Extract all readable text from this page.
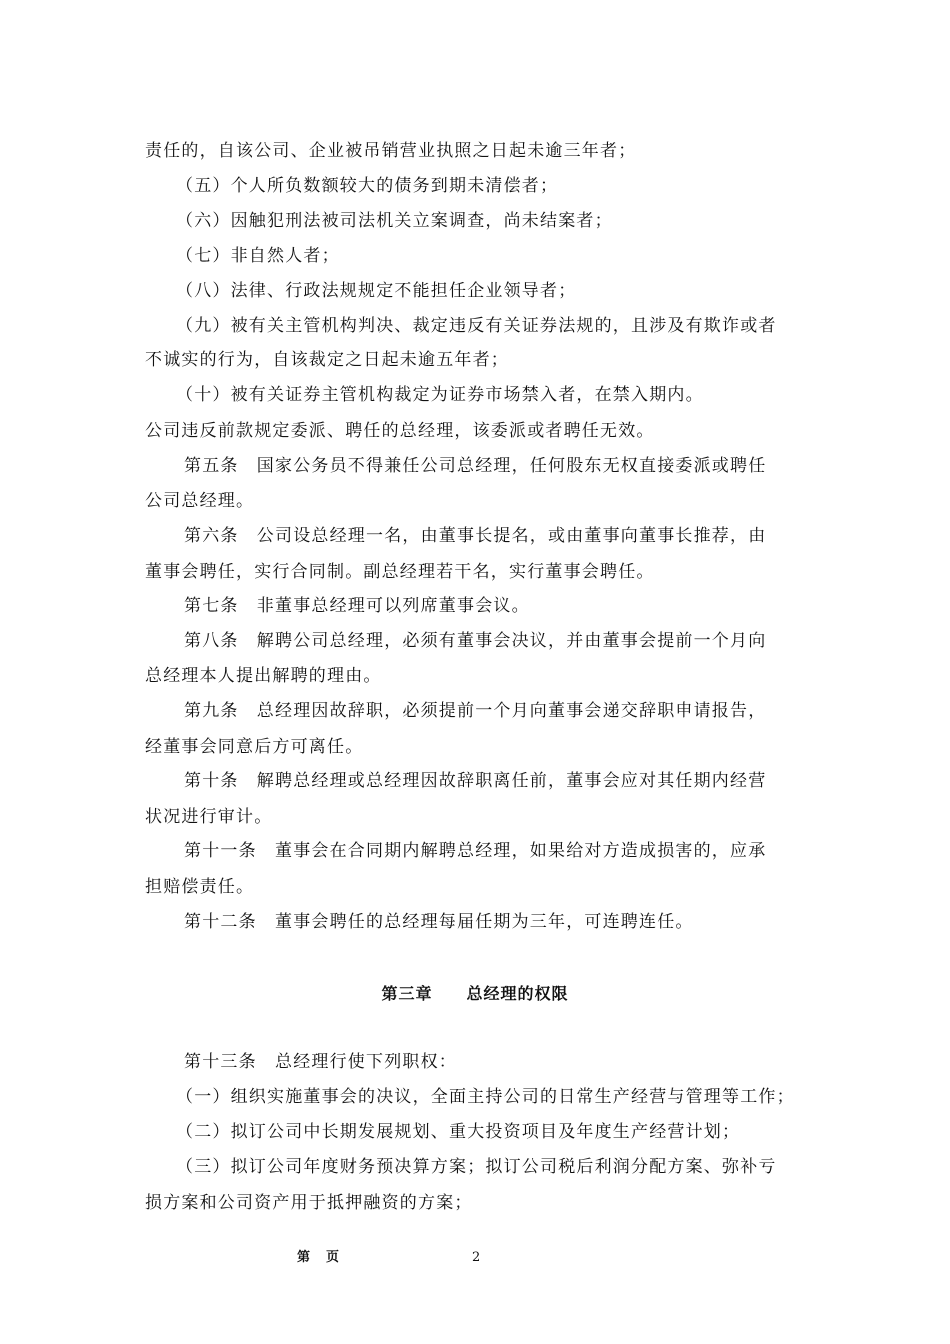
责任的，自该公司、企业被吊销营业执照之日起未逾三年者；
（五）个人所负数额较大的债务到期未清偿者；
（六）因触犯刑法被司法机关立案调查，尚未结案者；
（七）非自然人者；
（八）法律、行政法规规定不能担任企业领导者；
（九）被有关主管机构判决、裁定违反有关证券法规的，且涉及有欺诈或者
不诚实的行为，自该裁定之日起未逾五年者；
（十）被有关证券主管机构裁定为证券市场禁入者，在禁入期内。
公司违反前款规定委派、聘任的总经理，该委派或者聘任无效。
第五条　国家公务员不得兼任公司总经理，任何股东无权直接委派或聘任
公司总经理。
第六条　公司设总经理一名，由董事长提名，或由董事向董事长推荐，由
董事会聘任，实行合同制。副总经理若干名，实行董事会聘任。
第七条　非董事总经理可以列席董事会议。
第八条　解聘公司总经理，必须有董事会决议，并由董事会提前一个月向
总经理本人提出解聘的理由。
第九条　总经理因故辞职，必须提前一个月向董事会递交辞职申请报告，
经董事会同意后方可离任。
第十条　解聘总经理或总经理因故辞职离任前，董事会应对其任期内经营
状况进行审计。
第十一条　董事会在合同期内解聘总经理，如果给对方造成损害的，应承
担赔偿责任。
第十二条　董事会聘任的总经理每届任期为三年，可连聘连任。
第三章　　总经理的权限
第十三条　总经理行使下列职权：
（一）组织实施董事会的决议，全面主持公司的日常生产经营与管理等工作；
（二）拟订公司中长期发展规划、重大投资项目及年度生产经营计划；
（三）拟订公司年度财务预决算方案；拟订公司税后利润分配方案、弥补亏
损方案和公司资产用于抵押融资的方案；
第 页	2
